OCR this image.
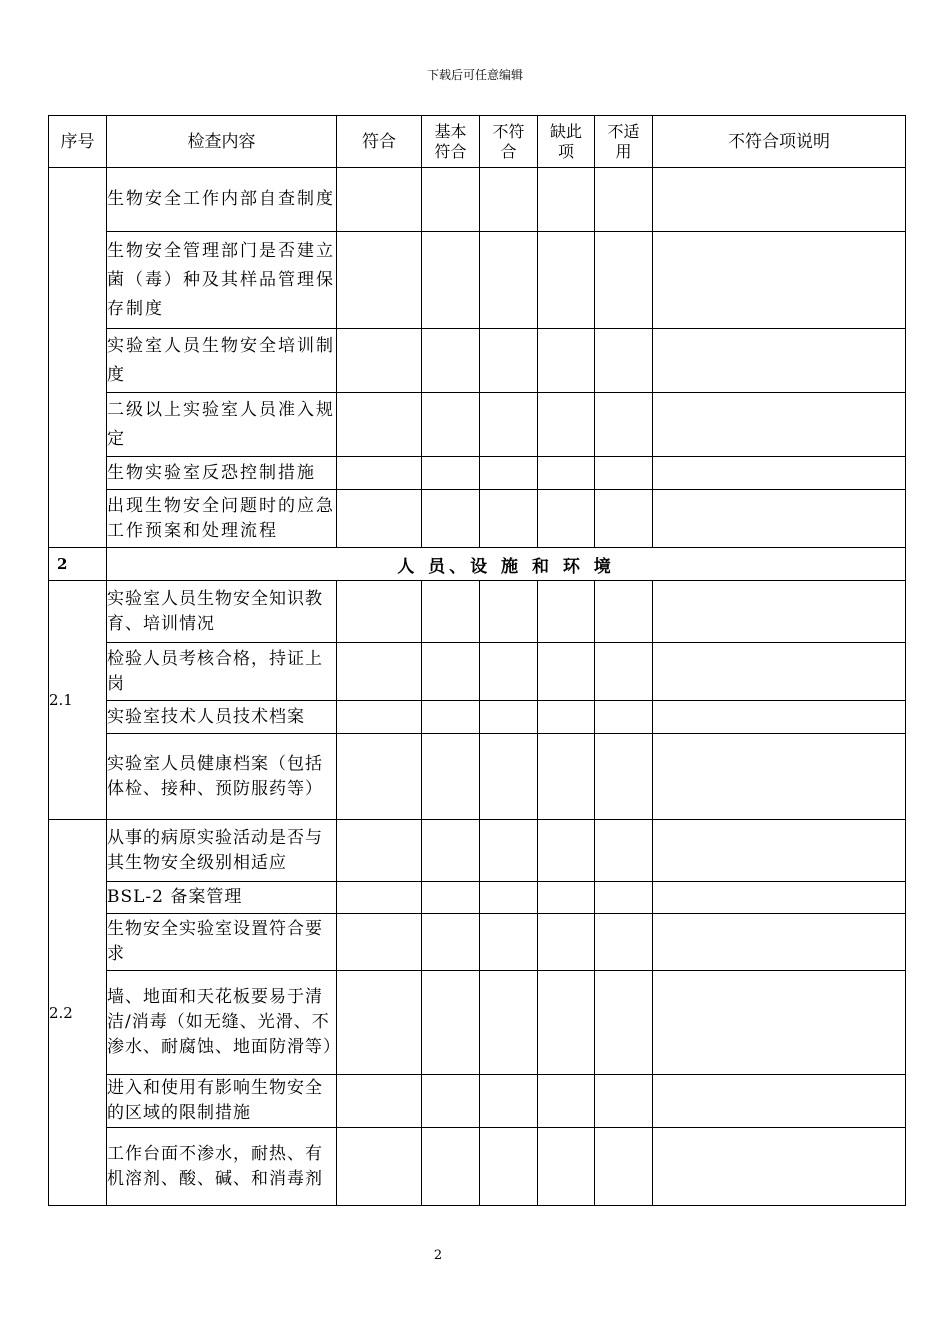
下载后可任意编辑
序号	检查内容	符合	基本符合	不符合	缺此项	不适用	不符合项说明
	生物安全工作内部自查制度						
	生物安全管理部门是否建立菌（毒）种及其样品管理保存制度						
	实验室人员生物安全培训制度						
	二级以上实验室人员准入规定						
	生物实验室反恐控制措施						
	出现生物安全问题时的应急工作预案和处理流程						
2	人 员、设 施 和 环 境						
2.1	实验室人员生物安全知识教育、培训情况						
	检验人员考核合格，持证上岗						
	实验室技术人员技术档案						
	实验室人员健康档案（包括体检、接种、预防服药等）						
2.2	从事的病原实验活动是否与其生物安全级别相适应						
	BSL-2 备案管理						
	生物安全实验室设置符合要求						
	墙、地面和天花板要易于清洁/消毒（如无缝、光滑、不渗水、耐腐蚀、地面防滑等）						
	进入和使用有影响生物安全的区域的限制措施						
	工作台面不渗水，耐热、有机溶剂、酸、碱、和消毒剂						
2
